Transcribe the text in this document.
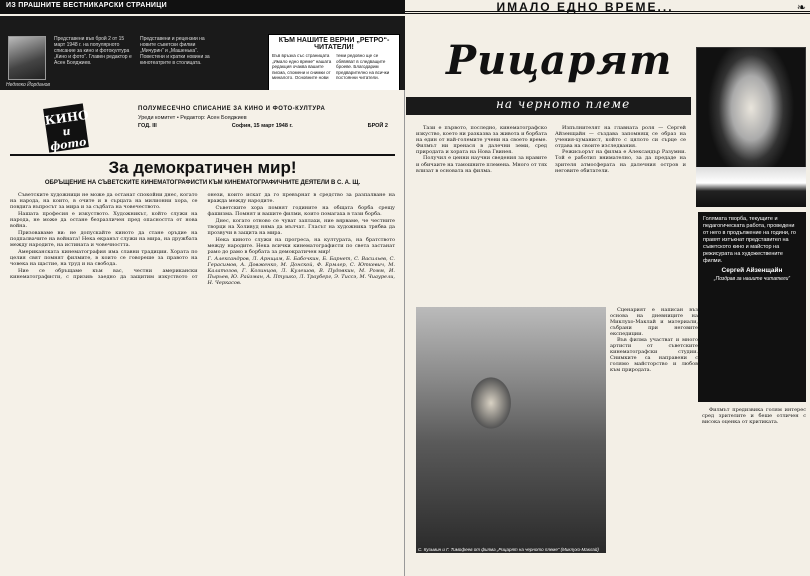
ИЗ ПРАШНИТЕ ВЕСТНИКАРСКИ СТРАНИЦИ	ИМАЛО ЕДНО ВРЕМЕ...	❧
Недялко Йорданов
Представени във брой 2 от 15 март 1948 г. на популярното списание за кино и фотокултура „Кино и фото“. Главен редактор е Асен Бояджиев.
Представени и рецензии на новите съветски филми „Мичурин“ и „Машенька“. Повестени и кратки новини за кинотеатрите в столицата.
КЪМ НАШИТЕ ВЕРНИ „РЕТРО“-ЧИТАТЕЛИ!
Във връзка със страницата „Имало едно време“ нашата редакция очаква вашите писма, спомени и снимки от миналото. Основните нови теми редовно ще се обявяват в следващите броеве. Благодарим предварително на всички постоянни читатели.
КИНО
и фото
ПОЛУМЕСЕЧНО СПИСАНИЕ ЗА КИНО И ФОТО-КУЛТУРА
Уреди комитет • Редактор: Асен Бояджиев
ГОД. III	София, 15 март 1948 г.	БРОЙ 2
За демократичен мир!
ОБРЪЩЕНИЕ НА СЪВЕТСКИТЕ КИНЕМАТОГРАФИСТИ КЪМ КИНЕМАТОГРАФИЧНИТЕ ДЕЯТЕЛИ В С. А. Щ.

Съветските художници не може да останат спокойни днес, когато на народа, на които, в очите и в сърцата на милионни хора, се повдига въпросът за мира и за съдбата на човечеството.

Нашата професия е изкуството. Художникът, който служи на народа, не може да остане безразличен пред опасността от нова война.

Призоваваме ви: не допускайте киното да стане оръдие на подпалвачите на войната! Нека екранът служи на мира, на дружбата между народите, на истината и човечността.

Американската кинематография има славни традиции. Хората по целия свят помнят филмите, в които се говореше за правото на човека на щастие, на труд и на свобода.

Ние се обръщаме към вас, честни американски кинематографисти, с призив: заедно да защитим изкуството от онези, които искат да го превърнат в средство за разпалване на вражда между народите.

Съветските хора помнят годините на общата борба срещу фашизма. Помнят и вашите филми, които помагаха в тази борба.

Днес, когато отново се чуват заплахи, ние вярваме, че честните творци на Холивуд няма да мълчат. Гласът на художника трябва да прозвучи в защита на мира.

Нека киното служи на прогреса, на културата, на братството между народите. Нека всички кинематографисти по света застанат рамо до рамо в борбата за демократичен мир!

Г. Александров, Л. Арнщам, Б. Бабочкин, Б. Барнет, С. Васильев, С. Герасимов, А. Довженко, М. Донской, Ф. Ермлер, С. Юткевич, М. Калатозов, Г. Козинцов, Л. Кулешов, В. Пудовкин, М. Ромм, И. Пырьев, Ю. Райзман, А. Птушко, Л. Трауберг, Э. Тиссэ, М. Чиаурели, Н. Черкасов.

Рицарят
на черното племе
Голямата творба, текущите и педагогическата работа, проведени от него в продължение на години, го правят изтъкнат представител на съветското кино и майстор на режисурата на художествените филми.
Сергей Айзенщайн
„Поздрав за нашите читатели“

Тази е първото, последно, кинематографско изкуство, което ни разказва за живота и борбата на един от най-големите учени на своето време. Филмът ни пренася в далечни земи, сред природата и хората на Нова Гвинея.

Получил е ценни научни сведения за нравите и обичаите на тамошните племена. Много от тях влизат в основата на филма.

Изпълнителят на главната роля — Сергей Айзенщайн — създава запомнящ се образ на учения-хуманист, който с цялото си сърце се отдава на своите изследвания.

Режисьорът на филма е Александър Разумни. Той е работил внимателно, за да предаде на зрителя атмосферата на далечния остров и неговите обитатели.

С. Кузьмин и Г. Тимофеев от филма „Рицарят на черното племе“ (Миклухо-Маклай)

Сценарият е написан въз основа на дневниците на Миклухо-Маклай и материали, събрани при неговите експедиции.

Във филма участват и много артисти от съветските кинематографски студии. Снимките са направени с голямо майсторство и любов към природата.

Филмът предизвика голям интерес сред зрителите и беше отличен с висока оценка от критиката.
